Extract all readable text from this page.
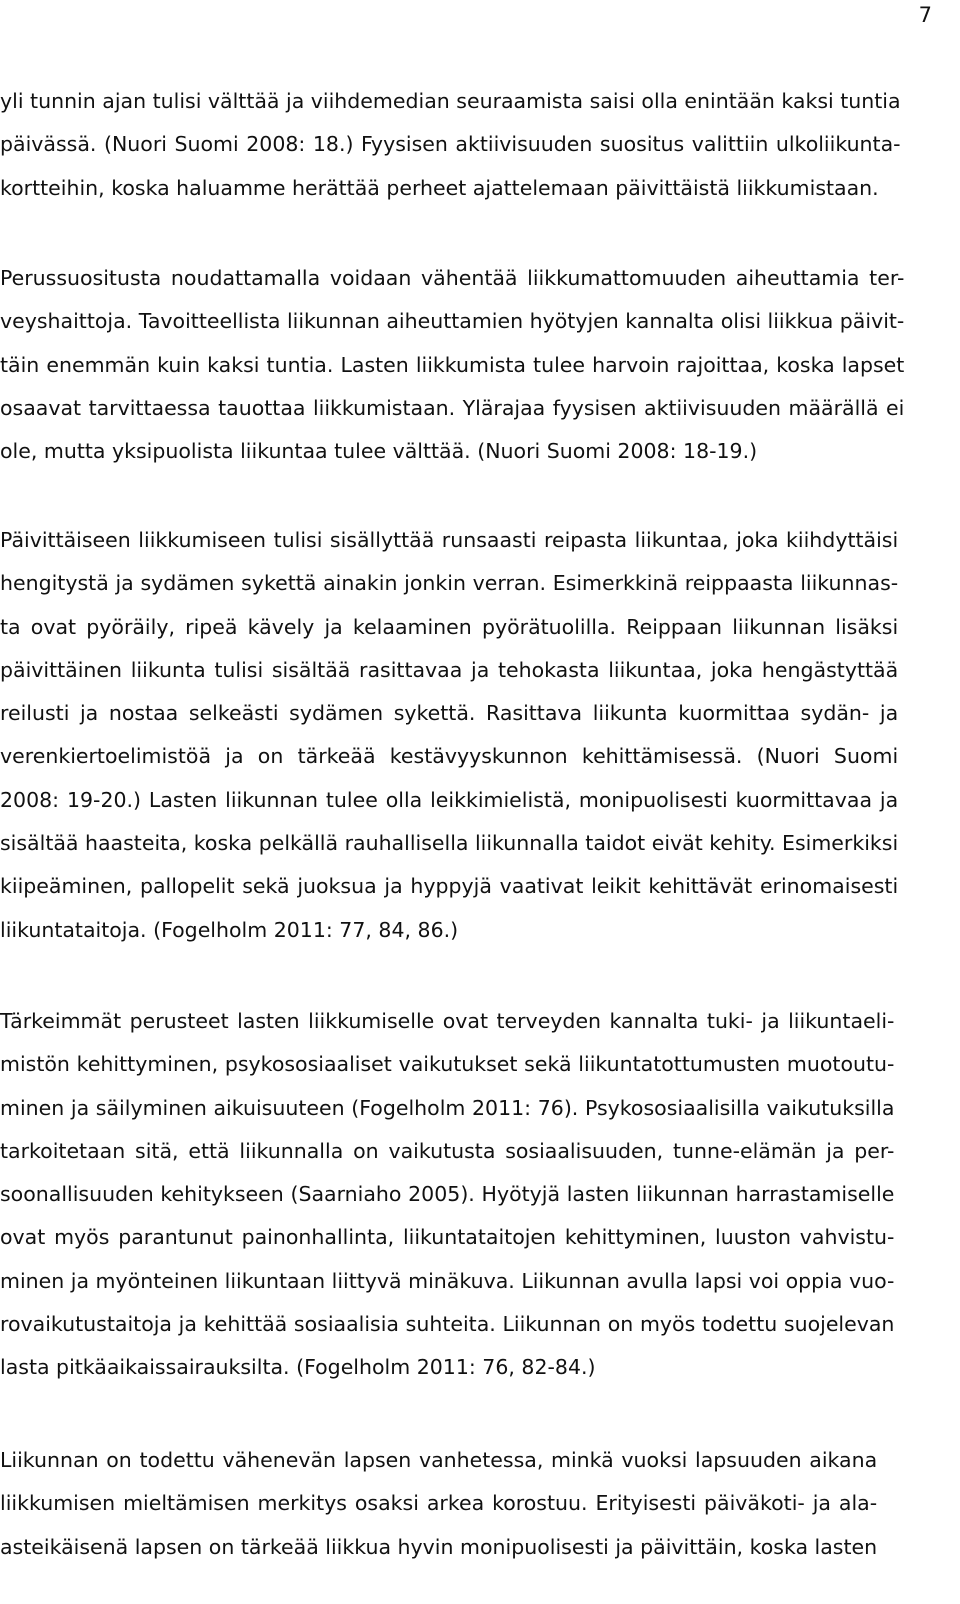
7

yli tunnin ajan tulisi välttää ja viihdemedian seuraamista saisi olla enintään kaksi tuntia
päivässä. (Nuori Suomi 2008: 18.) Fyysisen aktiivisuuden suositus valittiin ulkoliikunta-
kortteihin, koska haluamme herättää perheet ajattelemaan päivittäistä liikkumistaan.

Perussuositusta noudattamalla voidaan vähentää liikkumattomuuden aiheuttamia ter-
veyshaittoja. Tavoitteellista liikunnan aiheuttamien hyötyjen kannalta olisi liikkua päivit-
täin enemmän kuin kaksi tuntia. Lasten liikkumista tulee harvoin rajoittaa, koska lapset
osaavat tarvittaessa tauottaa liikkumistaan. Ylärajaa fyysisen aktiivisuuden määrällä ei
ole, mutta yksipuolista liikuntaa tulee välttää. (Nuori Suomi 2008: 18-19.)

Päivittäiseen liikkumiseen tulisi sisällyttää runsaasti reipasta liikuntaa, joka kiihdyttäisi
hengitystä ja sydämen sykettä ainakin jonkin verran. Esimerkkinä reippaasta liikunnas-
ta ovat pyöräily, ripeä kävely ja kelaaminen pyörätuolilla. Reippaan liikunnan lisäksi
päivittäinen liikunta tulisi sisältää rasittavaa ja tehokasta liikuntaa, joka hengästyttää
reilusti ja nostaa selkeästi sydämen sykettä. Rasittava liikunta kuormittaa sydän- ja
verenkiertoelimistöä ja on tärkeää kestävyyskunnon kehittämisessä. (Nuori Suomi
2008: 19-20.) Lasten liikunnan tulee olla leikkimielistä, monipuolisesti kuormittavaa ja
sisältää haasteita, koska pelkällä rauhallisella liikunnalla taidot eivät kehity. Esimerkiksi
kiipeäminen, pallopelit sekä juoksua ja hyppyjä vaativat leikit kehittävät erinomaisesti
liikuntataitoja. (Fogelholm 2011: 77, 84, 86.)

Tärkeimmät perusteet lasten liikkumiselle ovat terveyden kannalta tuki- ja liikuntaeli-
mistön kehittyminen, psykososiaaliset vaikutukset sekä liikuntatottumusten muotoutu-
minen ja säilyminen aikuisuuteen (Fogelholm 2011: 76). Psykososiaalisilla vaikutuksilla
tarkoitetaan sitä, että liikunnalla on vaikutusta sosiaalisuuden, tunne-elämän ja per-
soonallisuuden kehitykseen (Saarniaho 2005). Hyötyjä lasten liikunnan harrastamiselle
ovat myös parantunut painonhallinta, liikuntataitojen kehittyminen, luuston vahvistu-
minen ja myönteinen liikuntaan liittyvä minäkuva. Liikunnan avulla lapsi voi oppia vuo-
rovaikutustaitoja ja kehittää sosiaalisia suhteita. Liikunnan on myös todettu suojelevan
lasta pitkäaikaissairauksilta. (Fogelholm 2011: 76, 82-84.)

Liikunnan on todettu vähenevän lapsen vanhetessa, minkä vuoksi lapsuuden aikana
liikkumisen mieltämisen merkitys osaksi arkea korostuu. Erityisesti päiväkoti- ja ala-
asteikäisenä lapsen on tärkeää liikkua hyvin monipuolisesti ja päivittäin, koska lasten
